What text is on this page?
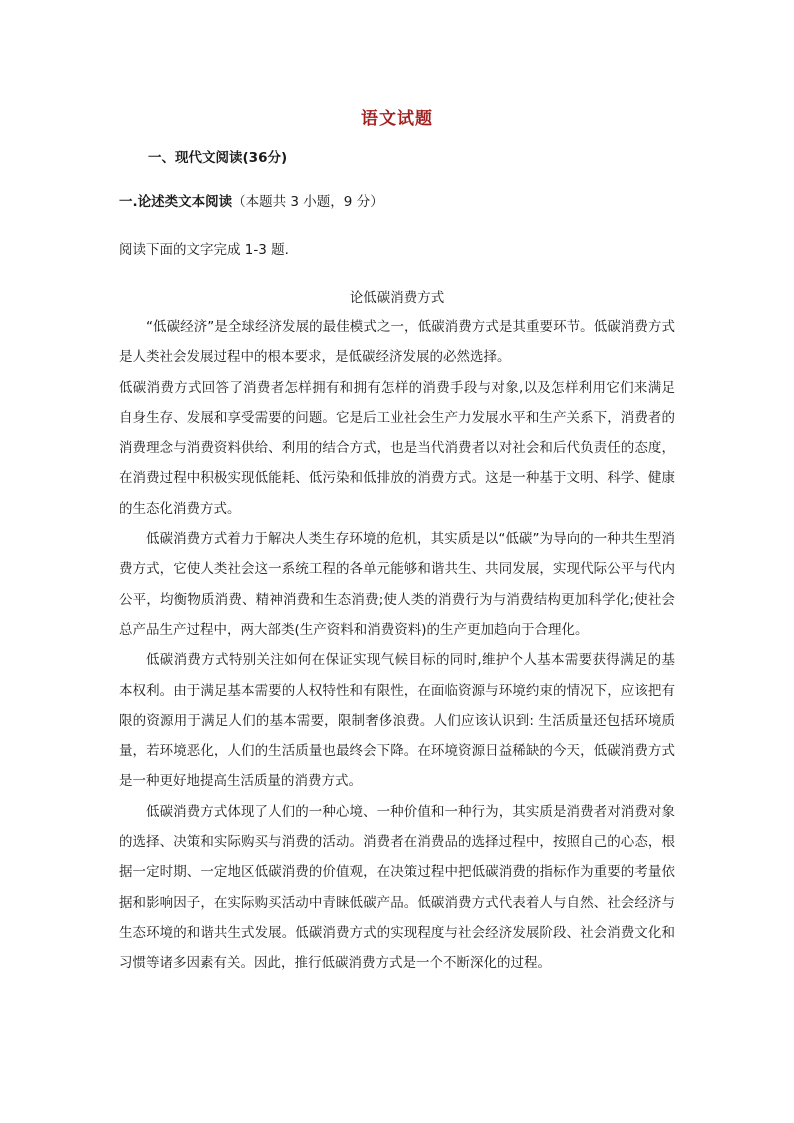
语文试题
一、现代文阅读(36分)
一.论述类文本阅读（本题共 3 小题，9 分）
阅读下面的文字完成 1-3 题.
论低碳消费方式

“低碳经济”是全球经济发展的最佳模式之一，低碳消费方式是其重要环节。低碳消费方式是人类社会发展过程中的根本要求，是低碳经济发展的必然选择。

低碳消费方式回答了消费者怎样拥有和拥有怎样的消费手段与对象,以及怎样利用它们来满足自身生存、发展和享受需要的问题。它是后工业社会生产力发展水平和生产关系下，消费者的消费理念与消费资料供给、利用的结合方式，也是当代消费者以对社会和后代负责任的态度，在消费过程中积极实现低能耗、低污染和低排放的消费方式。这是一种基于文明、科学、健康的生态化消费方式。

低碳消费方式着力于解决人类生存环境的危机，其实质是以“低碳”为导向的一种共生型消费方式，它使人类社会这一系统工程的各单元能够和谐共生、共同发展，实现代际公平与代内公平，均衡物质消费、精神消费和生态消费;使人类的消费行为与消费结构更加科学化;使社会总产品生产过程中，两大部类(生产资料和消费资料)的生产更加趋向于合理化。

低碳消费方式特别关注如何在保证实现气候目标的同时,维护个人基本需要获得满足的基本权利。由于满足基本需要的人权特性和有限性，在面临资源与环境约束的情况下，应该把有限的资源用于满足人们的基本需要，限制奢侈浪费。人们应该认识到: 生活质量还包括环境质量，若环境恶化，人们的生活质量也最终会下降。在环境资源日益稀缺的今天，低碳消费方式是一种更好地提高生活质量的消费方式。

低碳消费方式体现了人们的一种心境、一种价值和一种行为，其实质是消费者对消费对象的选择、决策和实际购买与消费的活动。消费者在消费品的选择过程中，按照自己的心态，根据一定时期、一定地区低碳消费的价值观，在决策过程中把低碳消费的指标作为重要的考量依据和影响因子，在实际购买活动中青睐低碳产品。低碳消费方式代表着人与自然、社会经济与生态环境的和谐共生式发展。低碳消费方式的实现程度与社会经济发展阶段、社会消费文化和习惯等诸多因素有关。因此，推行低碳消费方式是一个不断深化的过程。
